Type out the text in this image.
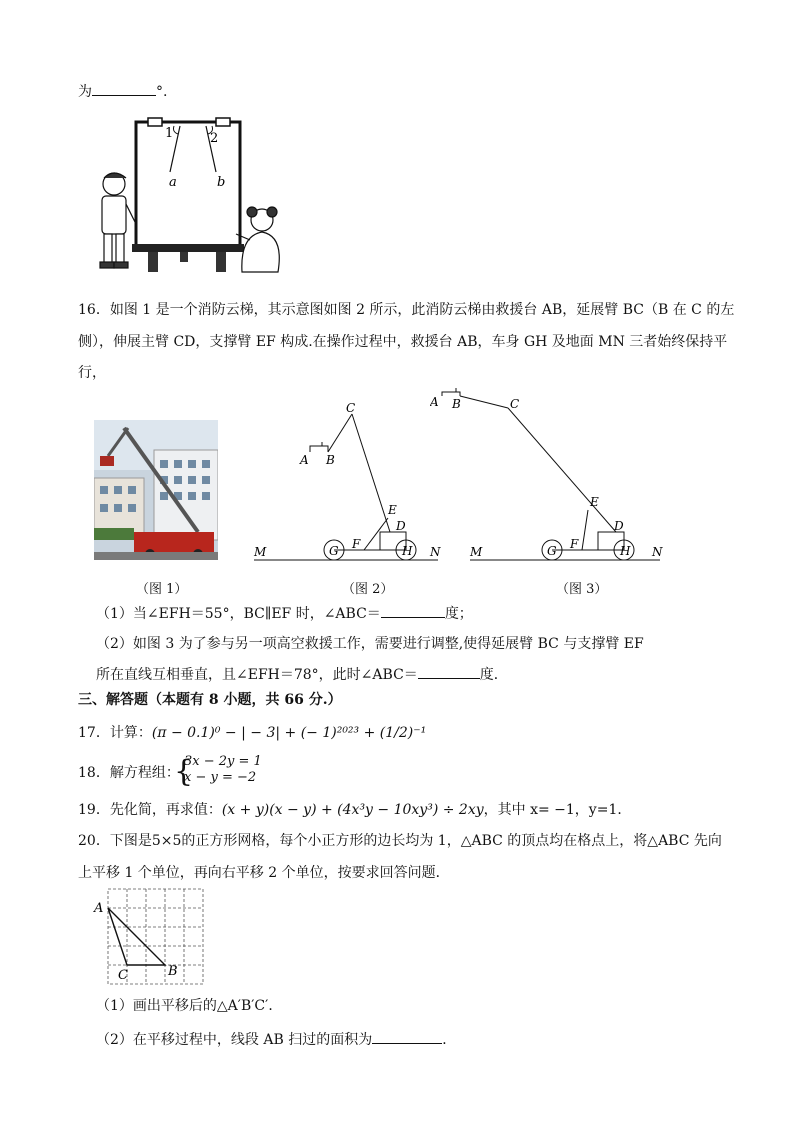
为	°.
1	2
a	b
16．如图 1 是一个消防云梯，其示意图如图 2 所示，此消防云梯由救援台 AB，延展臂 BC（B 在 C 的左
侧），伸展主臂 CD，支撑臂 EF 构成.在操作过程中，救援台 AB，车身 GH 及地面 MN 三者始终保持平
行，
A B
C
E
D
F
G	H
M	N
A B	C
E
D
F
G	H
M	N
（图 1）	（图 2）	（图 3）
（1）当∠EFH＝55°，BC∥EF 时，∠ABC＝	度；
（2）如图 3 为了参与另一项高空救援工作，需要进行调整,使得延展臂 BC 与支撑臂 EF
所在直线互相垂直，且∠EFH＝78°，此时∠ABC＝	度．
三、解答题（本题有 8 小题，共 66 分.）
17．计算：(π − 0.1)⁰ − | − 3| + (− 1)²⁰²³ + (1/2)⁻¹
18．解方程组：
{
3x − 2y = 1
x − y = −2
19．先化简，再求值：(x + y)(x − y) + (4x³y − 10xy³) ÷ 2xy，其中 x= −1，y=1．
20．下图是5×5的正方形网格，每个小正方形的边长均为 1，△ABC 的顶点均在格点上，将△ABC 先向
上平移 1 个单位，再向右平移 2 个单位，按要求回答问题．
A
C	B
（1）画出平移后的△A′B′C′．
（2）在平移过程中，线段 AB 扫过的面积为	．
